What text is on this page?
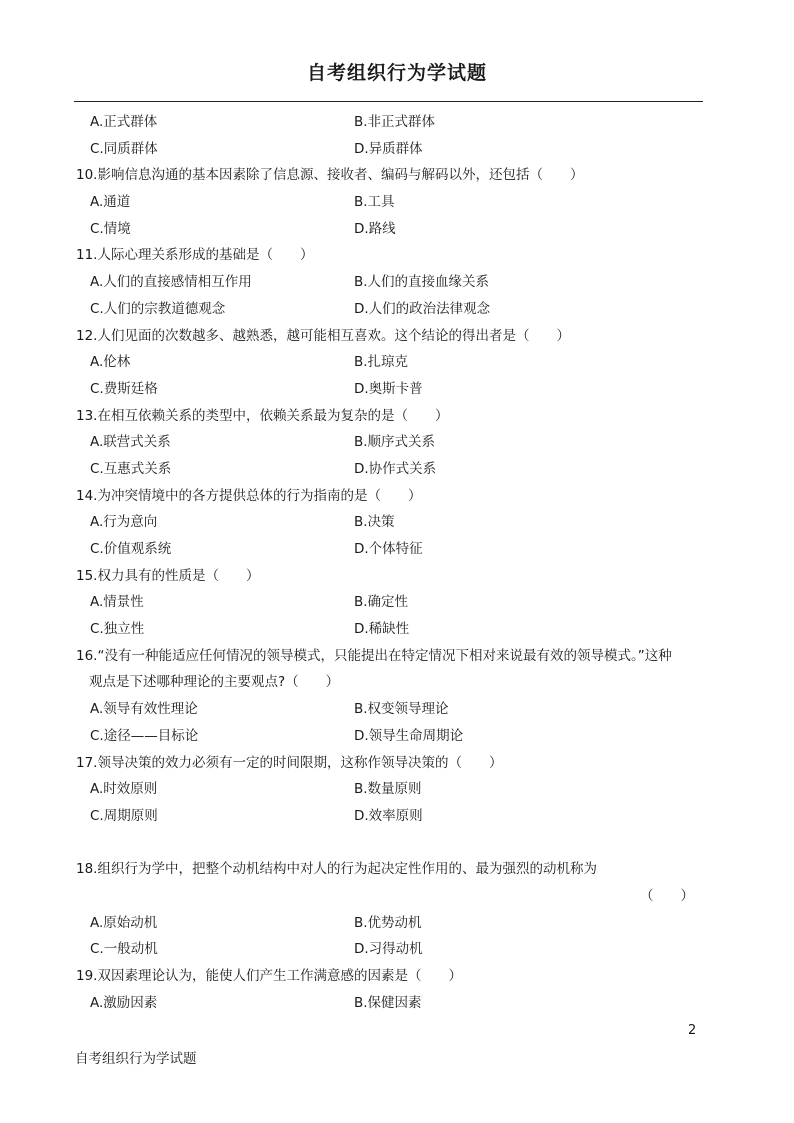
自考组织行为学试题
A.正式群体	B.非正式群体
C.同质群体	D.异质群体
10.影响信息沟通的基本因素除了信息源、接收者、编码与解码以外，还包括（　　）
A.通道	B.工具
C.情境	D.路线
11.人际心理关系形成的基础是（　　）
A.人们的直接感情相互作用	B.人们的直接血缘关系
C.人们的宗教道德观念	D.人们的政治法律观念
12.人们见面的次数越多、越熟悉，越可能相互喜欢。这个结论的得出者是（　　）
A.伦林	B.扎琼克
C.费斯廷格	D.奥斯卡普
13.在相互依赖关系的类型中，依赖关系最为复杂的是（　　）
A.联营式关系	B.顺序式关系
C.互惠式关系	D.协作式关系
14.为冲突情境中的各方提供总体的行为指南的是（　　）
A.行为意向	B.决策
C.价值观系统	D.个体特征
15.权力具有的性质是（　　）
A.情景性	B.确定性
C.独立性	D.稀缺性
16.“没有一种能适应任何情况的领导模式，只能提出在特定情况下相对来说最有效的领导模式。”这种
观点是下述哪种理论的主要观点?（　　）
A.领导有效性理论	B.权变领导理论
C.途径——目标论	D.领导生命周期论
17.领导决策的效力必须有一定的时间限期，这称作领导决策的（　　）
A.时效原则	B.数量原则
C.周期原则	D.效率原则
18.组织行为学中，把整个动机结构中对人的行为起决定性作用的、最为强烈的动机称为
（　　）
A.原始动机	B.优势动机
C.一般动机	D.习得动机
19.双因素理论认为，能使人们产生工作满意感的因素是（　　）
A.激励因素	B.保健因素
2
自考组织行为学试题
